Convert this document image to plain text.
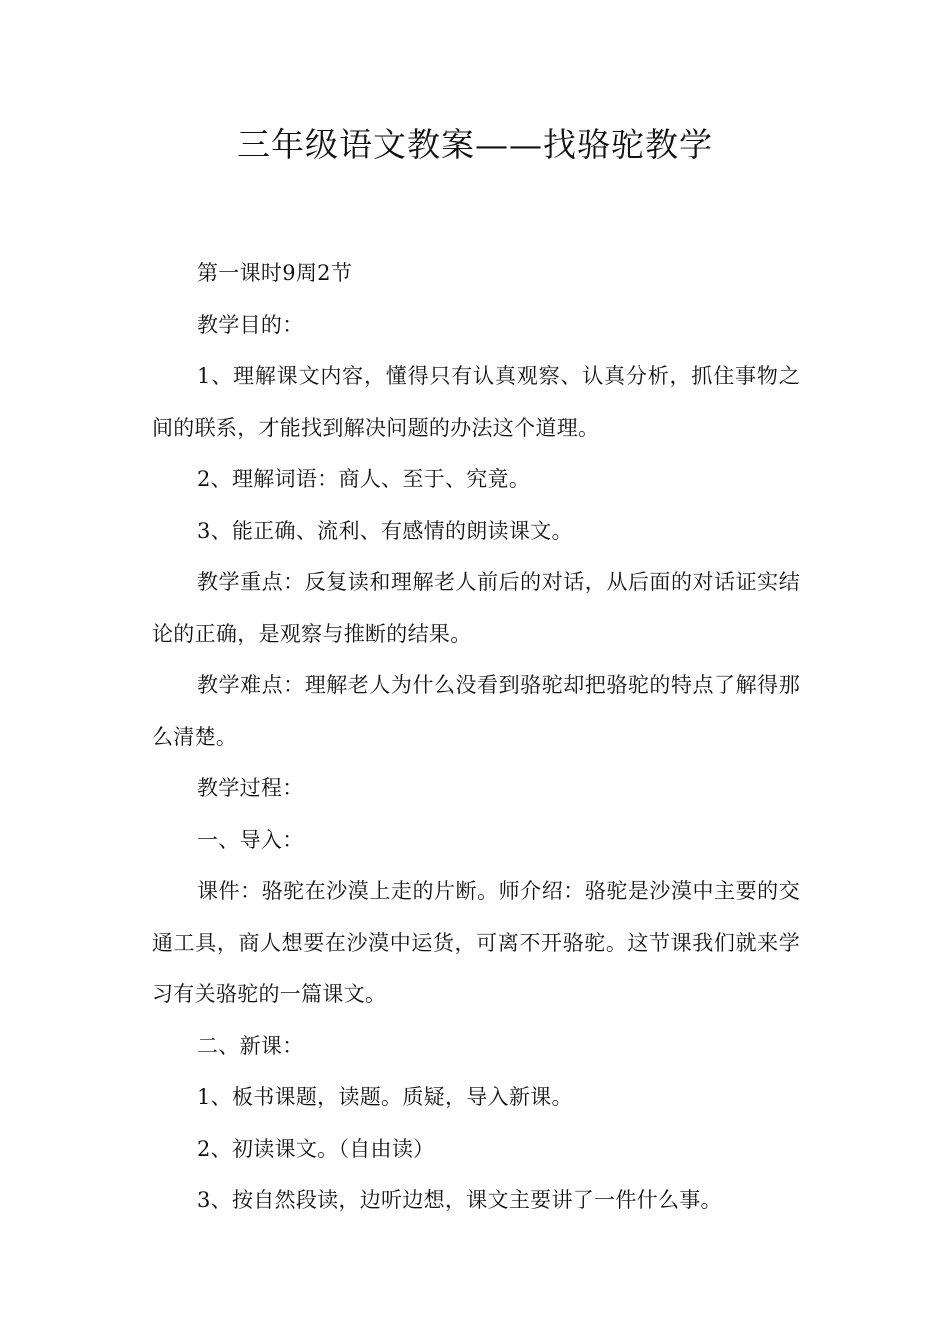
三年级语文教案——找骆驼教学

第一课时9周2节

教学目的：

1、理解课文内容，懂得只有认真观察、认真分析，抓住事物之间的联系，才能找到解决问题的办法这个道理。

2、理解词语：商人、至于、究竟。

3、能正确、流利、有感情的朗读课文。

教学重点：反复读和理解老人前后的对话，从后面的对话证实结论的正确，是观察与推断的结果。

教学难点：理解老人为什么没看到骆驼却把骆驼的特点了解得那么清楚。

教学过程：

一、导入：

课件：骆驼在沙漠上走的片断。师介绍：骆驼是沙漠中主要的交通工具，商人想要在沙漠中运货，可离不开骆驼。这节课我们就来学习有关骆驼的一篇课文。

二、新课：

1、板书课题，读题。质疑，导入新课。

2、初读课文。（自由读）

3、按自然段读，边听边想，课文主要讲了一件什么事。
